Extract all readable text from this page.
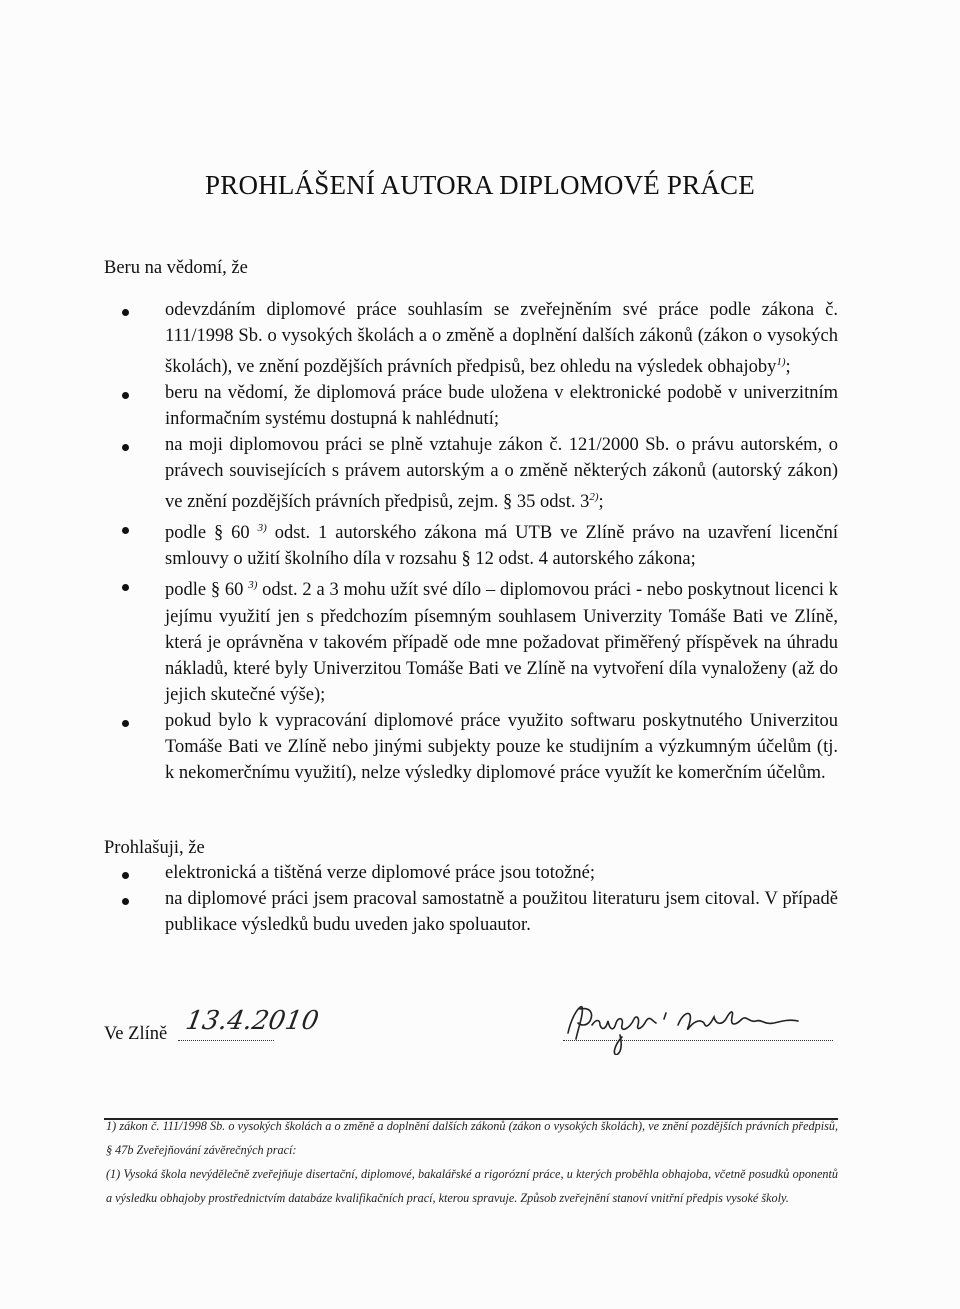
PROHLÁŠENÍ AUTORA DIPLOMOVÉ PRÁCE
Beru na vědomí, že
odevzdáním diplomové práce souhlasím se zveřejněním své práce podle zákona č. 111/1998 Sb. o vysokých školách a o změně a doplnění dalších zákonů (zákon o vysokých školách), ve znění pozdějších právních předpisů, bez ohledu na výsledek obhajoby$^{1)}$;
beru na vědomí, že diplomová práce bude uložena v elektronické podobě v univerzitním informačním systému dostupná k nahlédnutí;
na moji diplomovou práci se plně vztahuje zákon č. 121/2000 Sb. o právu autorském, o právech souvisejících s právem autorským a o změně některých zákonů (autorský zákon) ve znění pozdějších právních předpisů, zejm. § 35 odst. 3$^{2)}$;
podle § 60 $^{3)}$ odst. 1 autorského zákona má UTB ve Zlíně právo na uzavření licenční smlouvy o užití školního díla v rozsahu § 12 odst. 4 autorského zákona;
podle § 60 $^{3)}$ odst. 2 a 3 mohu užít své dílo – diplomovou práci - nebo poskytnout licenci k jejímu využití jen s předchozím písemným souhlasem Univerzity Tomáše Bati ve Zlíně, která je oprávněna v takovém případě ode mne požadovat přiměřený příspěvek na úhradu nákladů, které byly Univerzitou Tomáše Bati ve Zlíně na vytvoření díla vynaloženy (až do jejich skutečné výše);
pokud bylo k vypracování diplomové práce využito softwaru poskytnutého Univerzitou Tomáše Bati ve Zlíně nebo jinými subjekty pouze ke studijním a výzkumným účelům (tj. k nekomerčnímu využití), nelze výsledky diplomové práce využít ke komerčním účelům.
Prohlašuji, že
elektronická a tištěná verze diplomové práce jsou totožné;
na diplomové práci jsem pracoval samostatně a použitou literaturu jsem citoval. V případě publikace výsledků budu uveden jako spoluautor.
Ve Zlíně 13.4.2010

1) zákon č. 111/1998 Sb. o vysokých školách a o změně a doplnění dalších zákonů (zákon o vysokých školách), ve znění pozdějších právních předpisů, § 47b Zveřejňování závěrečných prací:

(1) Vysoká škola nevýdělečně zveřejňuje disertační, diplomové, bakalářské a rigorózní práce, u kterých proběhla obhajoba, včetně posudků oponentů a výsledku obhajoby prostřednictvím databáze kvalifikačních prací, kterou spravuje. Způsob zveřejnění stanoví vnitřní předpis vysoké školy.
